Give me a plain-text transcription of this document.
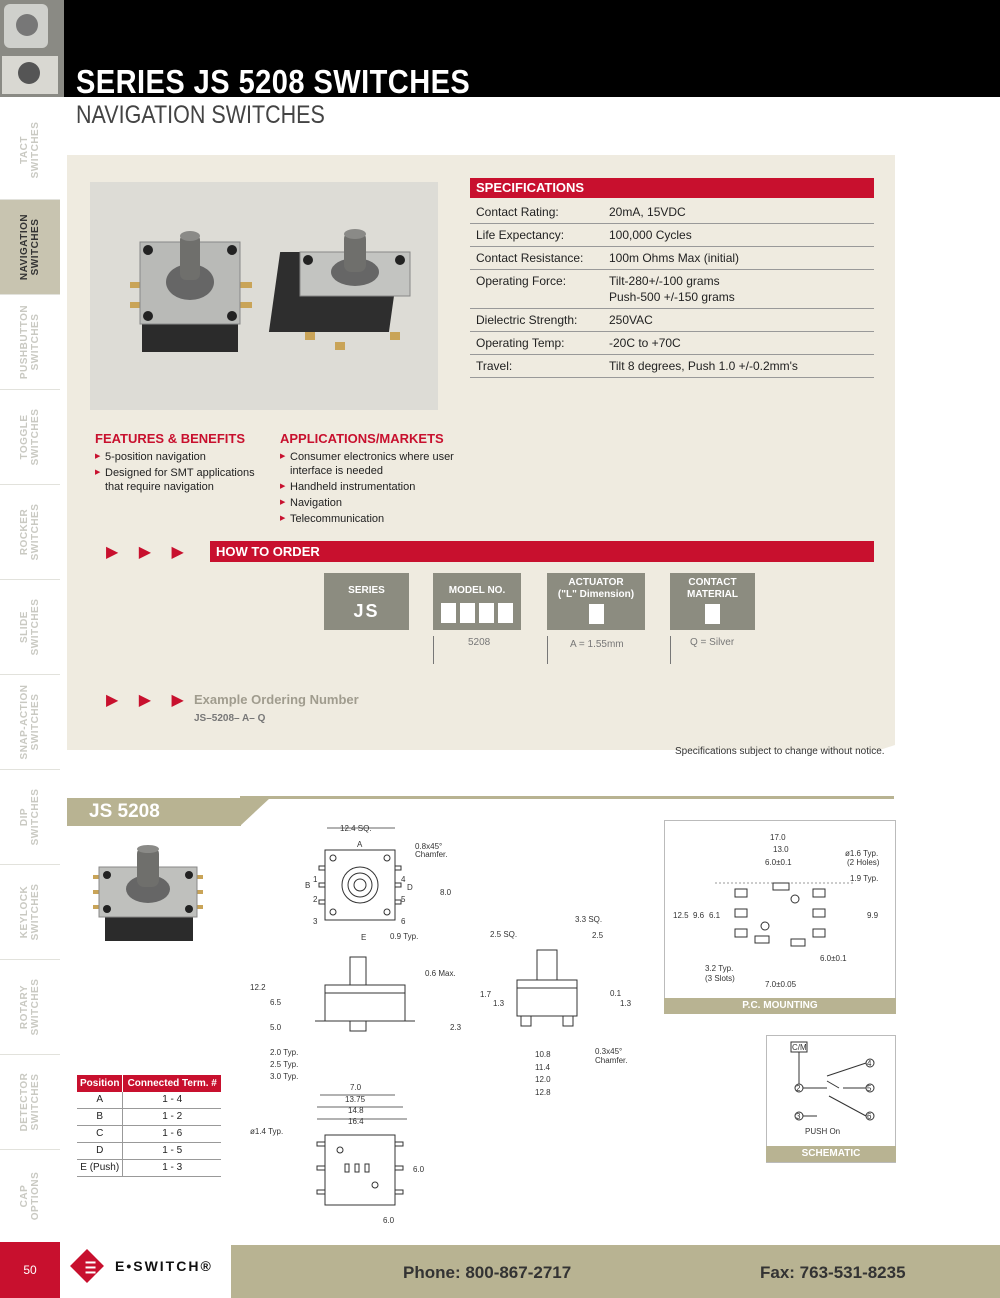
SERIES JS 5208 SWITCHES
NAVIGATION SWITCHES
TACT
SWITCHES
NAVIGATION
SWITCHES
PUSHBUTTON
SWITCHES
TOGGLE
SWITCHES
ROCKER
SWITCHES
SLIDE
SWITCHES
SNAP-ACTION
SWITCHES
DIP
SWITCHES
KEYLOCK
SWITCHES
ROTARY
SWITCHES
DETECTOR
SWITCHES
CAP
OPTIONS
SPECIFICATIONS
Contact Rating:	20mA, 15VDC
Life Expectancy:	100,000 Cycles
Contact Resistance:	100m Ohms Max (initial)
Operating Force:	Tilt-280+/-100 grams
Push-500 +/-150 grams
Dielectric Strength:	250VAC
Operating Temp:	-20C to +70C
Travel:	Tilt 8 degrees, Push 1.0 +/-0.2mm's
FEATURES & BENEFITS
▶ 5-position navigation
▶ Designed for SMT applications that require navigation
APPLICATIONS/MARKETS
▶ Consumer electronics where user interface is needed
▶ Handheld instrumentation
▶ Navigation
▶ Telecommunication
▶ ▶ ▶	HOW TO ORDER
SERIES
JS
MODEL NO.
ACTUATOR
("L" Dimension)
CONTACT
MATERIAL
5208	A = 1.55mm	Q = Silver
▶ ▶ ▶ Example Ordering Number
JS–5208– A– Q
Specifications subject to change without notice.
JS 5208
Position	Connected Term. #
A	1 - 4
B	1 - 2
C	1 - 6
D	1 - 5
E (Push)	1 - 3
12.4 SQ.
0.8x45°
Chamfer.
A
B	D
E
1
2
3
4
5
6
8.0
0.9 Typ.
12.2
6.5
5.0
0.6 Max.
2.0 Typ.
2.5 Typ.
3.0 Typ.
7.0
13.75
14.8
16.4
3.3 SQ.
2.5 SQ.	2.5
1.7
1.3
0.1
1.3
2.3
10.8
11.4
12.0
12.8
0.3x45°
Chamfer.
ø1.4 Typ.
6.0
6.0
17.0
13.0
6.0±0.1
ø1.6 Typ.
(2 Holes)
1.9 Typ.
12.5 9.6 6.1	9.9
6.0±0.1
3.2 Typ.
(3 Slots)
7.0±0.05
P.C. MOUNTING
C/M
4
2	5
3	6
PUSH On
SCHEMATIC
50	E•SWITCH®	Phone: 800-867-2717	Fax: 763-531-8235
